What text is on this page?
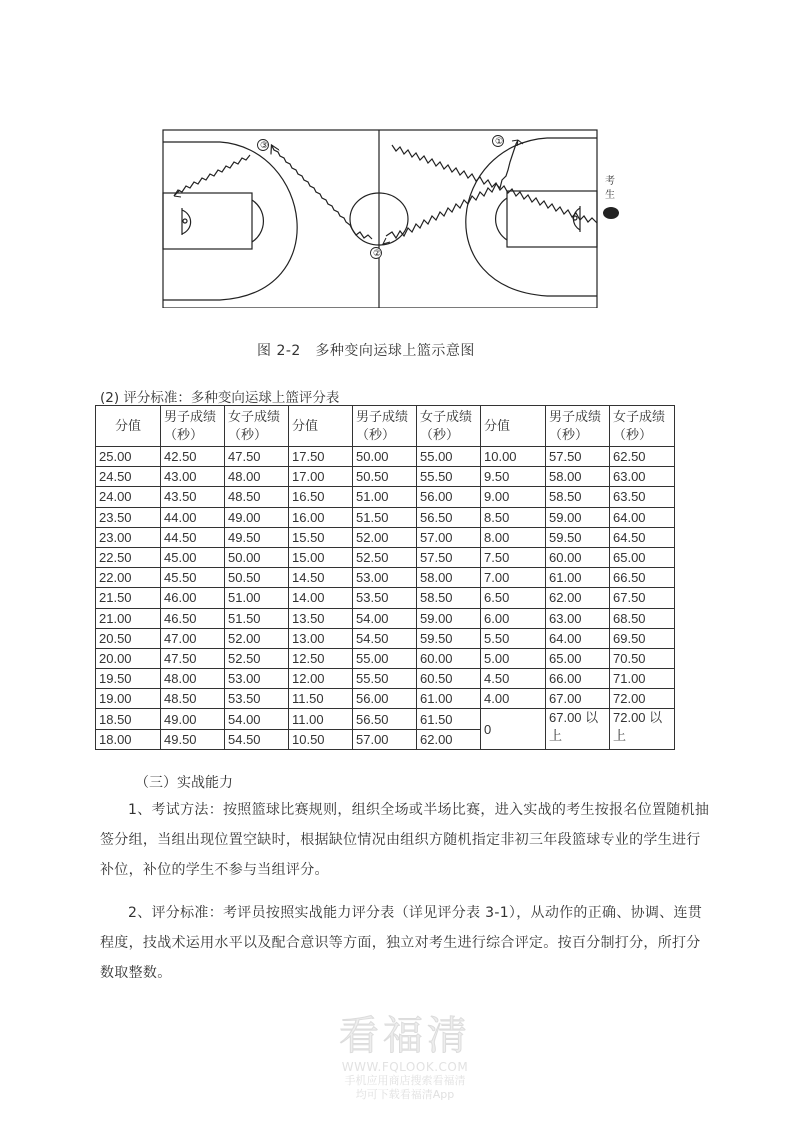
③
②
①
考
生
图 2-2　多种变向运球上篮示意图
(2) 评分标准：多种变向运球上篮评分表
分值	男子成绩（秒）	女子成绩（秒）	分值	男子成绩（秒）	女子成绩（秒）	分值	男子成绩（秒）	女子成绩（秒）
25.00	42.50	47.50	17.50	50.00	55.00	10.00	57.50	62.50
24.50	43.00	48.00	17.00	50.50	55.50	9.50	58.00	63.00
24.00	43.50	48.50	16.50	51.00	56.00	9.00	58.50	63.50
23.50	44.00	49.00	16.00	51.50	56.50	8.50	59.00	64.00
23.00	44.50	49.50	15.50	52.00	57.00	8.00	59.50	64.50
22.50	45.00	50.00	15.00	52.50	57.50	7.50	60.00	65.00
22.00	45.50	50.50	14.50	53.00	58.00	7.00	61.00	66.50
21.50	46.00	51.00	14.00	53.50	58.50	6.50	62.00	67.50
21.00	46.50	51.50	13.50	54.00	59.00	6.00	63.00	68.50
20.50	47.00	52.00	13.00	54.50	59.50	5.50	64.00	69.50
20.00	47.50	52.50	12.50	55.00	60.00	5.00	65.00	70.50
19.50	48.00	53.00	12.00	55.50	60.50	4.50	66.00	71.00
19.00	48.50	53.50	11.50	56.00	61.00	4.00	67.00	72.00
18.50	49.00	54.00	11.00	56.50	61.50	0	67.00 以上	72.00 以上
18.00	49.50	54.50	10.50	57.00	62.00			
（三）实战能力
1、考试方法：按照篮球比赛规则，组织全场或半场比赛，进入实战的考生按报名位置随机抽签分组，当组出现位置空缺时，根据缺位情况由组织方随机指定非初三年段篮球专业的学生进行补位，补位的学生不参与当组评分。
2、评分标准：考评员按照实战能力评分表（详见评分表 3-1），从动作的正确、协调、连贯程度，技战术运用水平以及配合意识等方面，独立对考生进行综合评定。按百分制打分，所打分数取整数。
看福清
WWW.FQLOOK.COM
手机应用商店搜索看福清
均可下载看福清App
